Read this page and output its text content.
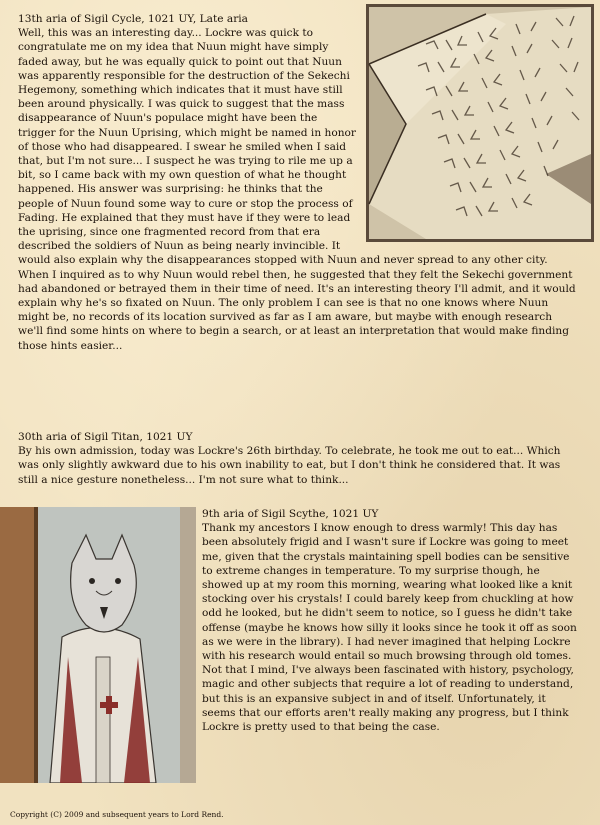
13th aria of Sigil Cycle, 1021 UY, Late aria
Well, this was an interesting day... Lockre was quick to congratulate me on my idea that Nuun might have simply faded away, but he was equally quick to point out that Nuun was apparently responsible for the destruction of the Sekechi Hegemony, something which indicates that it must have still been around physically. I was quick to suggest that the mass disappearance of Nuun's populace might have been the trigger for the Nuun Uprising, which might be named in honor of those who had disappeared. I swear he smiled when I said that, but I'm not sure... I suspect he was trying to rile me up a bit, so I came back with my own question of what he thought happened. His answer was surprising: he thinks that the people of Nuun found some way to cure or stop the process of Fading. He explained that they must have if they were to lead the uprising, since one fragmented record from that era described the soldiers of Nuun as being nearly invincible. It would also explain why the disappearances stopped with Nuun and never spread to any other city. When I inquired as to why Nuun would rebel then, he suggested that they felt the Sekechi government had abandoned or betrayed them in their time of need. It's an interesting theory I'll admit, and it would explain why he's so fixated on Nuun. The only problem I can see is that no one knows where Nuun might be, no records of its location survived as far as I am aware, but maybe with enough research we'll find some hints on where to begin a search, or at least an interpretation that would make finding those hints easier...

30th aria of Sigil Titan, 1021 UY
By his own admission, today was Lockre's 26th birthday. To celebrate, he took me out to eat... Which was only slightly awkward due to his own inability to eat, but I don't think he considered that. It was still a nice gesture nonetheless... I'm not sure what to think...

9th aria of Sigil Scythe, 1021 UY
Thank my ancestors I know enough to dress warmly! This day has been absolutely frigid and I wasn't sure if Lockre was going to meet me, given that the crystals maintaining spell bodies can be sensitive to extreme changes in temperature. To my surprise though, he showed up at my room this morning, wearing what looked like a knit stocking over his crystals! I could barely keep from chuckling at how odd he looked, but he didn't seem to notice, so I guess he didn't take offense (maybe he knows how silly it looks since he took it off as soon as we were in the library). I had never imagined that helping Lockre with his research would entail so much browsing through old tomes. Not that I mind, I've always been fascinated with history, psychology, magic and other subjects that require a lot of reading to understand, but this is an expansive subject in and of itself. Unfortunately, it seems that our efforts aren't really making any progress, but I think Lockre is pretty used to that being the case.

Copyright (C) 2009 and subsequent years to Lord Rend.
